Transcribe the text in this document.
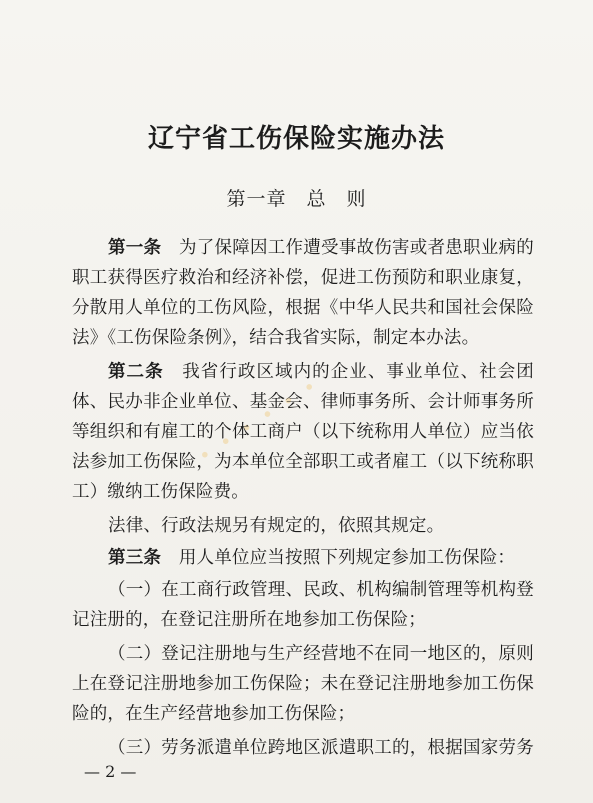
· · · · · ·
辽宁省工伤保险实施办法
第一章　总　则
第一条　 为了保障因工作遭受事故伤害或者患职业病的
职工获得医疗救治和经济补偿，促进工伤预防和职业康复，
分散用人单位的工伤风险，根据《中华人民共和国社会保险
法》《工伤保险条例》，结合我省实际，制定本办法。
第二条　 我省行政区域内的企业、事业单位、社会团
体、民办非企业单位、基金会、律师事务所、会计师事务所
等组织和有雇工的个体工商户（以下统称用人单位）应当依
法参加工伤保险，为本单位全部职工或者雇工（以下统称职
工）缴纳工伤保险费。
法律、行政法规另有规定的，依照其规定。
第三条　 用人单位应当按照下列规定参加工伤保险：
（一）在工商行政管理、民政、机构编制管理等机构登
记注册的，在登记注册所在地参加工伤保险；
（二）登记注册地与生产经营地不在同一地区的，原则
上在登记注册地参加工伤保险；未在登记注册地参加工伤保
险的，在生产经营地参加工伤保险；
（三）劳务派遣单位跨地区派遣职工的，根据国家劳务
— 2 —
